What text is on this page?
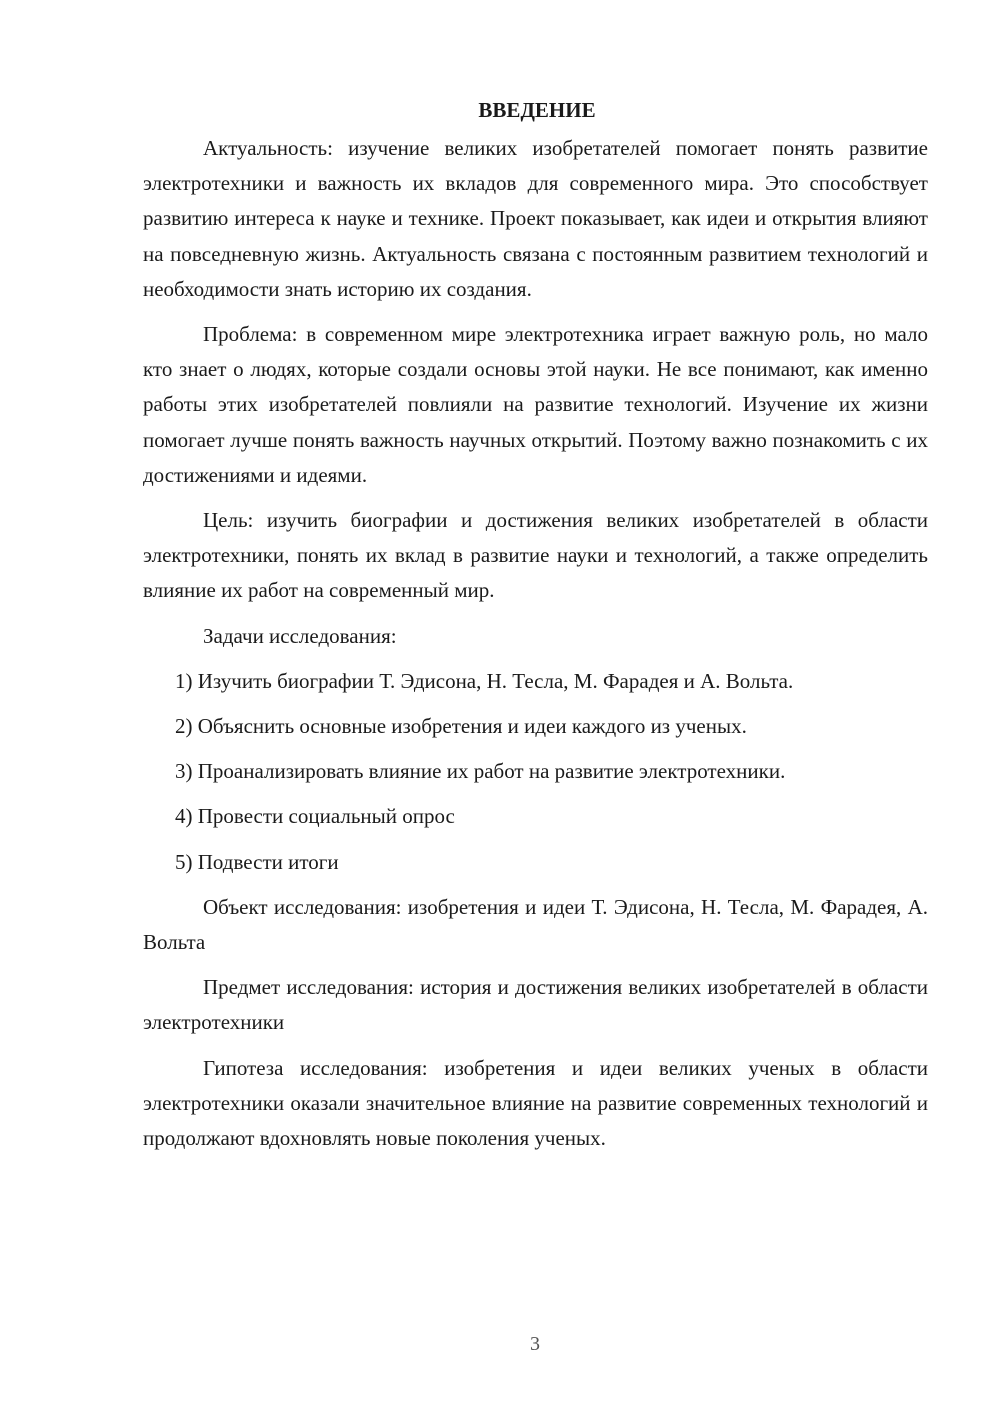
ВВЕДЕНИЕ

Актуальность: изучение великих изобретателей помогает понять развитие электротехники и важность их вкладов для современного мира. Это способствует развитию интереса к науке и технике. Проект показывает, как идеи и открытия влияют на повседневную жизнь. Актуальность связана с постоянным развитием технологий и необходимости знать историю их создания.

Проблема: в современном мире электротехника играет важную роль, но мало кто знает о людях, которые создали основы этой науки. Не все понимают, как именно работы этих изобретателей повлияли на развитие технологий. Изучение их жизни помогает лучше понять важность научных открытий. Поэтому важно познакомить с их достижениями и идеями.

Цель: изучить биографии и достижения великих изобретателей в области электротехники, понять их вклад в развитие науки и технологий, а также определить влияние их работ на современный мир.

Задачи исследования:

1) Изучить биографии Т. Эдисона, Н. Тесла, М. Фарадея и А. Вольта.
2) Объяснить основные изобретения и идеи каждого из ученых.
3) Проанализировать влияние их работ на развитие электротехники.
4) Провести социальный опрос
5) Подвести итоги

Объект исследования: изобретения и идеи Т. Эдисона, Н. Тесла, М. Фарадея, А. Вольта

Предмет исследования: история и достижения великих изобретателей в области электротехники

Гипотеза исследования: изобретения и идеи великих ученых в области электротехники оказали значительное влияние на развитие современных технологий и продолжают вдохновлять новые поколения ученых.

3
